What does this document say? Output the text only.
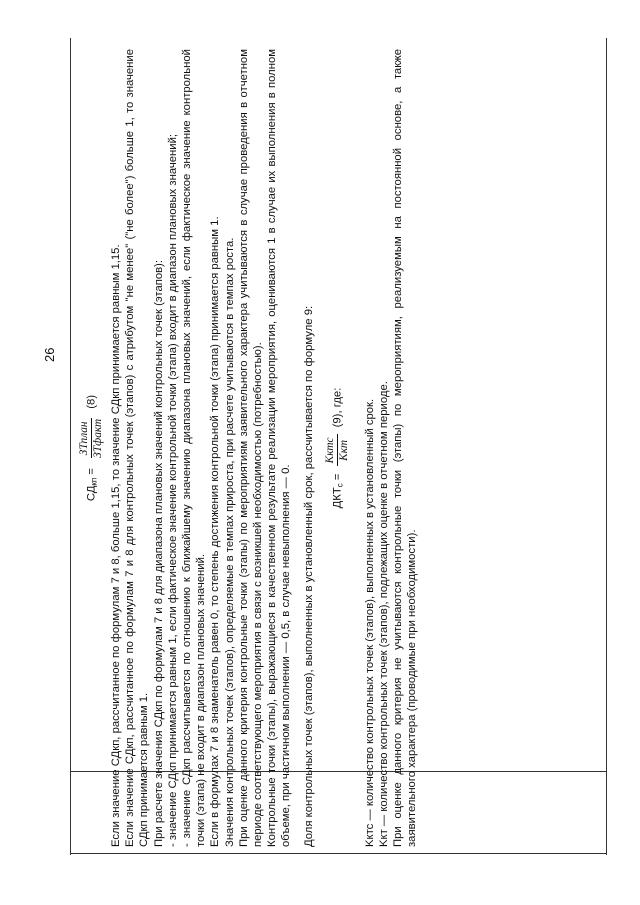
26
$СД_{кп}$ =
ЗТплан ЗТфакт
(8)	Если значение СДкп, рассчитанное по формулам 7 и 8, больше 1,15, то значение СДкп принимается равным 1,15. Если значение СДкп, рассчитанное по формулам 7 и 8 для контрольных точек (этапов) с атрибутом "не менее" ("не более") больше 1, то значение СДкп принимается равным 1. При расчете значения СДкп по формулам 7 и 8 для диапазона плановых значений контрольных точек (этапов): - значение СДкп принимается равным 1, если фактическое значение контрольной точки (этапа) входит в диапазон плановых значений; - значение СДкп рассчитывается по отношению к ближайшему значению диапазона плановых значений, если фактическое значение контрольной точки (этапа) не входит в диапазон плановых значений. Если в формулах 7 и 8 знаменатель равен 0, то степень достижения контрольной точки (этапа) принимается равным 1. Значения контрольных точек (этапов), определяемые в темпах прироста, при расчете учитываются в темпах роста. При оценке данного критерия контрольные точки (этапы) по мероприятиям заявительного характера учитываются в случае проведения в отчетном периоде соответствующего мероприятия в связи с возникшей необходимостью (потребностью). Контрольные точки (этапы), выражающиеся в качественном результате реализации мероприятия, оцениваются 1 в случае их выполнения в полном объеме, при частичном выполнении — 0,5, в случае невыполнения — 0. Доля контрольных точек (этапов), выполненных в установленный срок, рассчитывается по формуле 9:	$ДКТ_с$ =
Kктс Kкт
(9), где:	Kктс — количество контрольных точек (этапов), выполненных в установленный срок. Kкт — количество контрольных точек (этапов), подлежащих оценке в отчетном периоде. При оценке данного критерия не учитываются контрольные точки (этапы) по мероприятиям, реализуемым на постоянной основе, а также заявительного характера (проводимые при необходимости).
